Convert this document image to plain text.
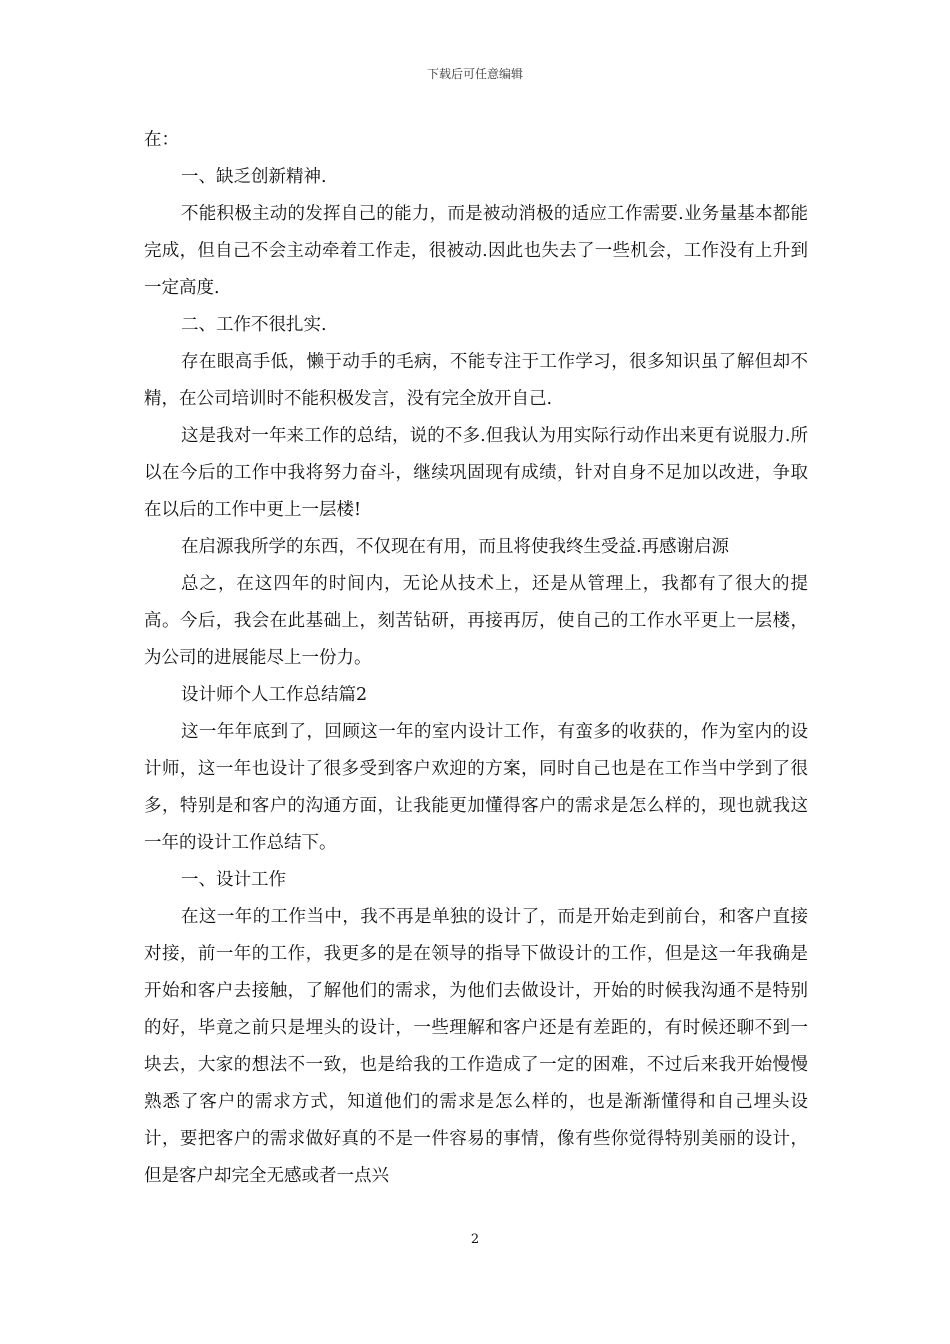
下载后可任意编辑

在：

一、缺乏创新精神.

不能积极主动的发挥自己的能力，而是被动消极的适应工作需要.业务量基本都能完成，但自己不会主动牵着工作走，很被动.因此也失去了一些机会，工作没有上升到一定高度.

二、工作不很扎实.

存在眼高手低，懒于动手的毛病，不能专注于工作学习，很多知识虽了解但却不精，在公司培训时不能积极发言，没有完全放开自己.

这是我对一年来工作的总结，说的不多.但我认为用实际行动作出来更有说服力.所以在今后的工作中我将努力奋斗，继续巩固现有成绩，针对自身不足加以改进，争取在以后的工作中更上一层楼!

在启源我所学的东西，不仅现在有用，而且将使我终生受益.再感谢启源

总之，在这四年的时间内，无论从技术上，还是从管理上，我都有了很大的提高。今后，我会在此基础上，刻苦钻研，再接再厉，使自己的工作水平更上一层楼，为公司的进展能尽上一份力。

设计师个人工作总结篇2

这一年年底到了，回顾这一年的室内设计工作，有蛮多的收获的，作为室内的设计师，这一年也设计了很多受到客户欢迎的方案，同时自己也是在工作当中学到了很多，特别是和客户的沟通方面，让我能更加懂得客户的需求是怎么样的，现也就我这一年的设计工作总结下。

一、设计工作

在这一年的工作当中，我不再是单独的设计了，而是开始走到前台，和客户直接对接，前一年的工作，我更多的是在领导的指导下做设计的工作，但是这一年我确是开始和客户去接触，了解他们的需求，为他们去做设计，开始的时候我沟通不是特别的好，毕竟之前只是埋头的设计，一些理解和客户还是有差距的，有时候还聊不到一块去，大家的想法不一致，也是给我的工作造成了一定的困难，不过后来我开始慢慢熟悉了客户的需求方式，知道他们的需求是怎么样的，也是渐渐懂得和自己埋头设计，要把客户的需求做好真的不是一件容易的事情，像有些你觉得特别美丽的设计，但是客户却完全无感或者一点兴

2
